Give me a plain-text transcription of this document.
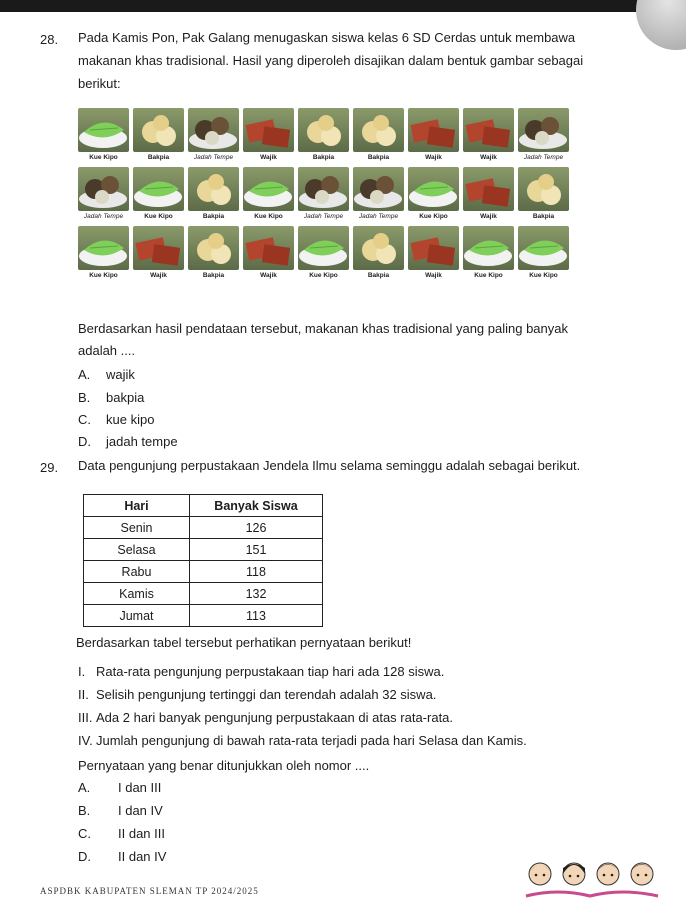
28. Pada Kamis Pon, Pak Galang menugaskan siswa kelas 6 SD Cerdas untuk membawa
makanan khas tradisional. Hasil yang diperoleh disajikan dalam bentuk gambar sebagai
berikut:
Kue Kipo	Bakpia	Jadah Tempe	Wajik	Bakpia	Bakpia	Wajik	Wajik	Jadah Tempe
Jadah Tempe	Kue Kipo	Bakpia	Kue Kipo	Jadah Tempe Jadah Tempe	Kue Kipo	Wajik	Bakpia
Kue Kipo	Wajik	Bakpia	Wajik	Kue Kipo	Bakpia	Wajik	Kue Kipo	Kue Kipo
Berdasarkan hasil pendataan tersebut, makanan khas tradisional yang paling banyak
adalah ....
A. wajik
B. bakpia
C. kue kipo
D. jadah tempe
29. Data pengunjung perpustakaan Jendela Ilmu selama seminggu adalah sebagai berikut.
Hari	Banyak Siswa
Senin	126
Selasa	151
Rabu	118
Kamis	132
Jumat	113
Berdasarkan tabel tersebut perhatikan pernyataan berikut!
I. Rata-rata pengunjung perpustakaan tiap hari ada 128 siswa.
II. Selisih pengunjung tertinggi dan terendah adalah 32 siswa.
III. Ada 2 hari banyak pengunjung perpustakaan di atas rata-rata.
IV. Jumlah pengunjung di bawah rata-rata terjadi pada hari Selasa dan Kamis.
Pernyataan yang benar ditunjukkan oleh nomor ....
A. I dan III
B. I dan IV
C. II dan III
D. II dan IV
ASPDBK KABUPATEN SLEMAN TP 2024/2025
